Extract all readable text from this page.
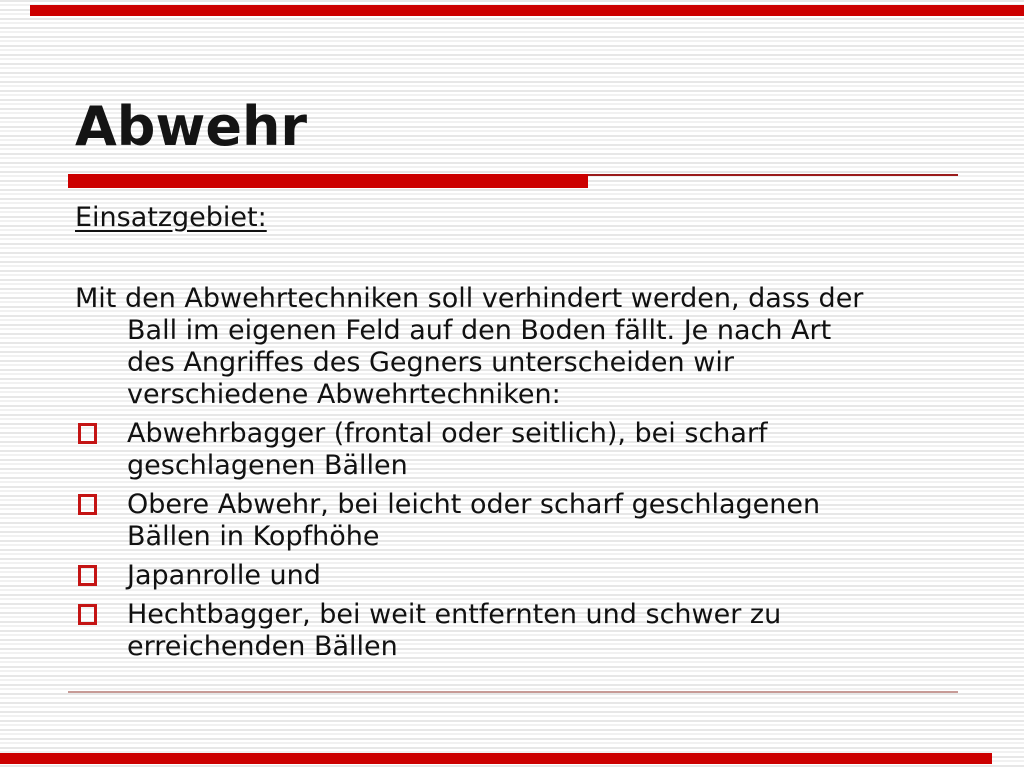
Abwehr
Einsatzgebiet:
Mit den Abwehrtechniken soll verhindert werden, dass der
Ball im eigenen Feld auf den Boden fällt. Je nach Art
des Angriffes des Gegners unterscheiden wir
verschiedene Abwehrtechniken:
Abwehrbagger (frontal oder seitlich), bei scharf
geschlagenen Bällen
Obere Abwehr, bei leicht oder scharf geschlagenen
Bällen in Kopfhöhe
Japanrolle und
Hechtbagger, bei weit entfernten und schwer zu
erreichenden Bällen
